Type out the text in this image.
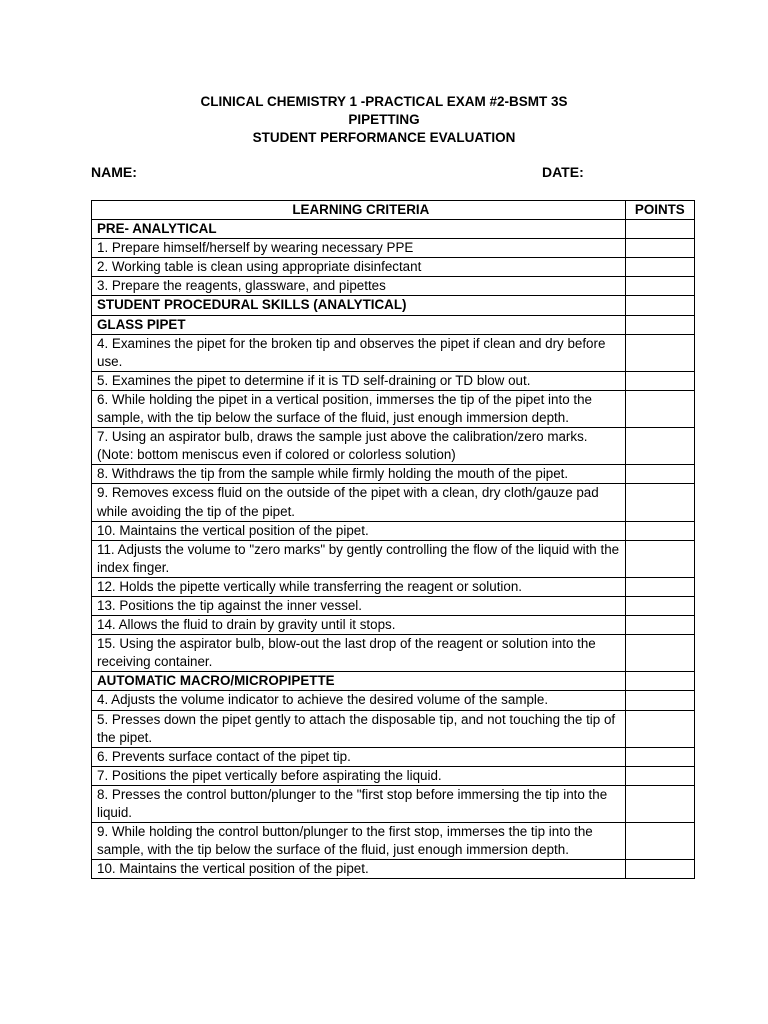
CLINICAL CHEMISTRY 1 -PRACTICAL EXAM #2-BSMT 3S
PIPETTING
STUDENT PERFORMANCE EVALUATION
NAME:	DATE:
LEARNING CRITERIA	POINTS
PRE- ANALYTICAL	
1. Prepare himself/herself by wearing necessary PPE	
2. Working table is clean using appropriate disinfectant	
3. Prepare the reagents, glassware, and pipettes	
STUDENT PROCEDURAL SKILLS (ANALYTICAL)	
GLASS PIPET	
4. Examines the pipet for the broken tip and observes the pipet if clean and dry before use.	
5. Examines the pipet to determine if it is TD self-draining or TD blow out.	
6. While holding the pipet in a vertical position, immerses the tip of the pipet into the sample, with the tip below the surface of the fluid, just enough immersion depth.	
7. Using an aspirator bulb, draws the sample just above the calibration/zero marks. (Note: bottom meniscus even if colored or colorless solution)	
8. Withdraws the tip from the sample while firmly holding the mouth of the pipet.	
9. Removes excess fluid on the outside of the pipet with a clean, dry cloth/gauze pad while avoiding the tip of the pipet.	
10. Maintains the vertical position of the pipet.	
11. Adjusts the volume to "zero marks" by gently controlling the flow of the liquid with the index finger.	
12. Holds the pipette vertically while transferring the reagent or solution.	
13. Positions the tip against the inner vessel.	
14. Allows the fluid to drain by gravity until it stops.	
15. Using the aspirator bulb, blow-out the last drop of the reagent or solution into the receiving container.	
AUTOMATIC MACRO/MICROPIPETTE	
4. Adjusts the volume indicator to achieve the desired volume of the sample.	
5. Presses down the pipet gently to attach the disposable tip, and not touching the tip of the pipet.	
6. Prevents surface contact of the pipet tip.	
7. Positions the pipet vertically before aspirating the liquid.	
8. Presses the control button/plunger to the "first stop before immersing the tip into the liquid.	
9. While holding the control button/plunger to the first stop, immerses the tip into the sample, with the tip below the surface of the fluid, just enough immersion depth.	
10. Maintains the vertical position of the pipet.	
